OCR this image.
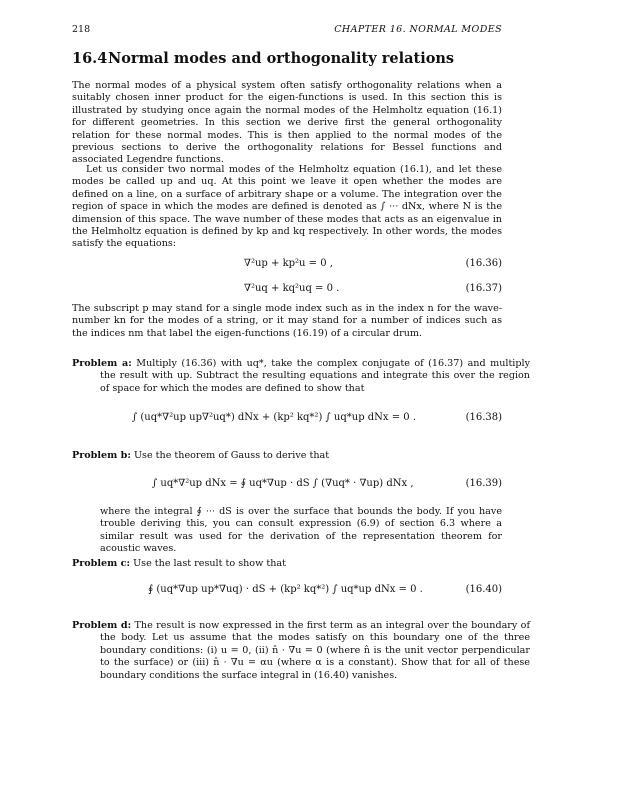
218	CHAPTER 16. NORMAL MODES
16.4Normal modes and orthogonality relations

The normal modes of a physical system often satisfy orthogonality relations when a suitably chosen inner product for the eigen-functions is used. In this section this is illustrated by studying once again the normal modes of the Helmholtz equation (16.1) for different geometries. In this section we derive first the general orthogonality relation for these normal modes. This is then applied to the normal modes of the previous sections to derive the orthogonality relations for Bessel functions and associated Legendre functions.

Let us consider two normal modes of the Helmholtz equation (16.1), and let these modes be called up and uq. At this point we leave it open whether the modes are defined on a line, on a surface of arbitrary shape or a volume. The integration over the region of space in which the modes are defined is denoted as ∫ ··· dNx, where N is the dimension of this space. The wave number of these modes that acts as an eigenvalue in the Helmholtz equation is defined by kp and kq respectively. In other words, the modes satisfy the equations:

∇²up + kp²u = 0 ,	(16.36)
∇²uq + kq²uq = 0 .	(16.37)

The subscript p may stand for a single mode index such as in the index n for the wave-number kn for the modes of a string, or it may stand for a number of indices such as the indices nm that label the eigen-functions (16.19) of a circular drum.

Problem a: Multiply (16.36) with uq*, take the complex conjugate of (16.37) and multiply the result with up. Subtract the resulting equations and integrate this over the region of space for which the modes are defined to show that
∫ (uq*∇²up up∇²uq*) dNx + (kp² kq*²) ∫ uq*up dNx = 0 .	(16.38)
Problem b: Use the theorem of Gauss to derive that
∫ uq*∇²up dNx = ∮ uq*∇up · dS ∫ (∇uq* · ∇up) dNx ,	(16.39)
where the integral ∮ ··· dS is over the surface that bounds the body. If you have trouble deriving this, you can consult expression (6.9) of section 6.3 where a similar result was used for the derivation of the representation theorem for acoustic waves.
Problem c: Use the last result to show that
∮ (uq*∇up up*∇uq) · dS + (kp² kq*²) ∫ uq*up dNx = 0 .	(16.40)
Problem d: The result is now expressed in the first term as an integral over the boundary of the body. Let us assume that the modes satisfy on this boundary one of the three boundary conditions: (i) u = 0, (ii) n̂ · ∇u = 0 (where n̂ is the unit vector perpendicular to the surface) or (iii) n̂ · ∇u = αu (where α is a constant). Show that for all of these boundary conditions the surface integral in (16.40) vanishes.
